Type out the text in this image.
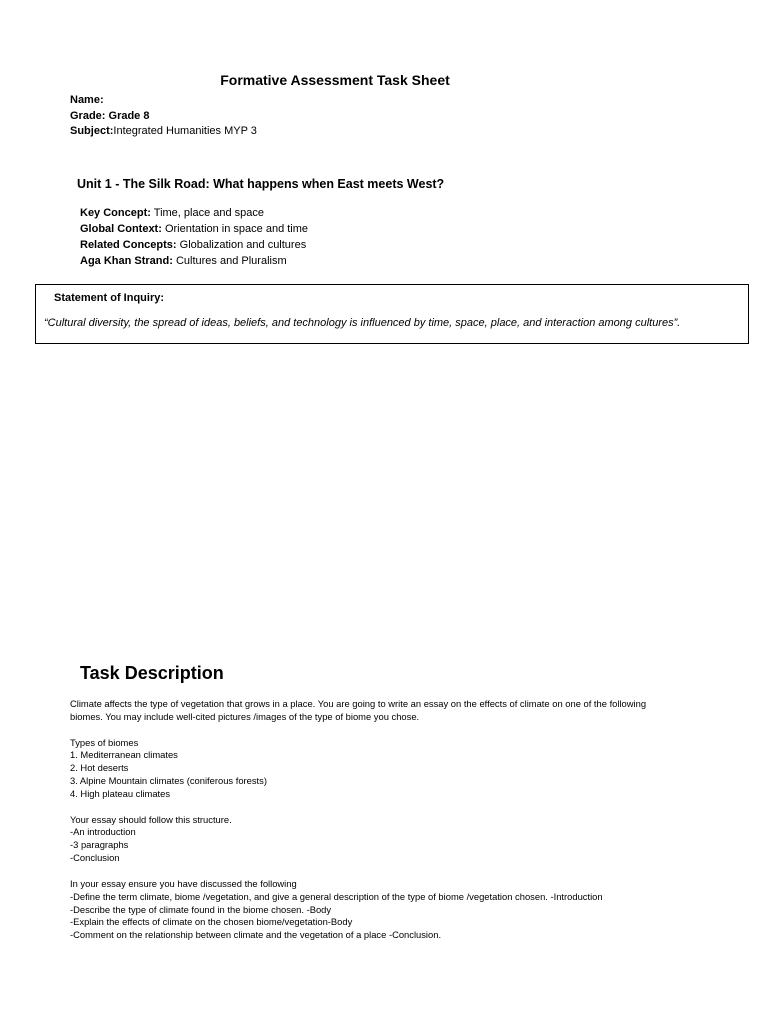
Formative Assessment Task Sheet
Name:
Grade: Grade 8
Subject:Integrated Humanities MYP 3
Unit 1 - The Silk Road: What happens when East meets West?
Key Concept: Time, place and space
Global Context: Orientation in space and time
Related Concepts: Globalization and cultures
Aga Khan Strand: Cultures and Pluralism
Statement of Inquiry:
“Cultural diversity, the spread of ideas, beliefs, and technology is influenced by time, space, place, and interaction among cultures”.
Task Description

Climate affects the type of vegetation that grows in a place. You are going to write an essay on the effects of climate on one of the following

biomes. You may include well-cited pictures /images of the type of biome you chose.

Types of biomes

1. Mediterranean climates

2. Hot deserts

3. Alpine Mountain climates (coniferous forests)

4. High plateau climates

Your essay should follow this structure.

-An introduction

-3 paragraphs

-Conclusion

In your essay ensure you have discussed the following

-Define the term climate, biome /vegetation, and give a general description of the type of biome /vegetation chosen. -Introduction

-Describe the type of climate found in the biome chosen. -Body

-Explain the effects of climate on the chosen biome/vegetation-Body

-Comment on the relationship between climate and the vegetation of a place -Conclusion.
